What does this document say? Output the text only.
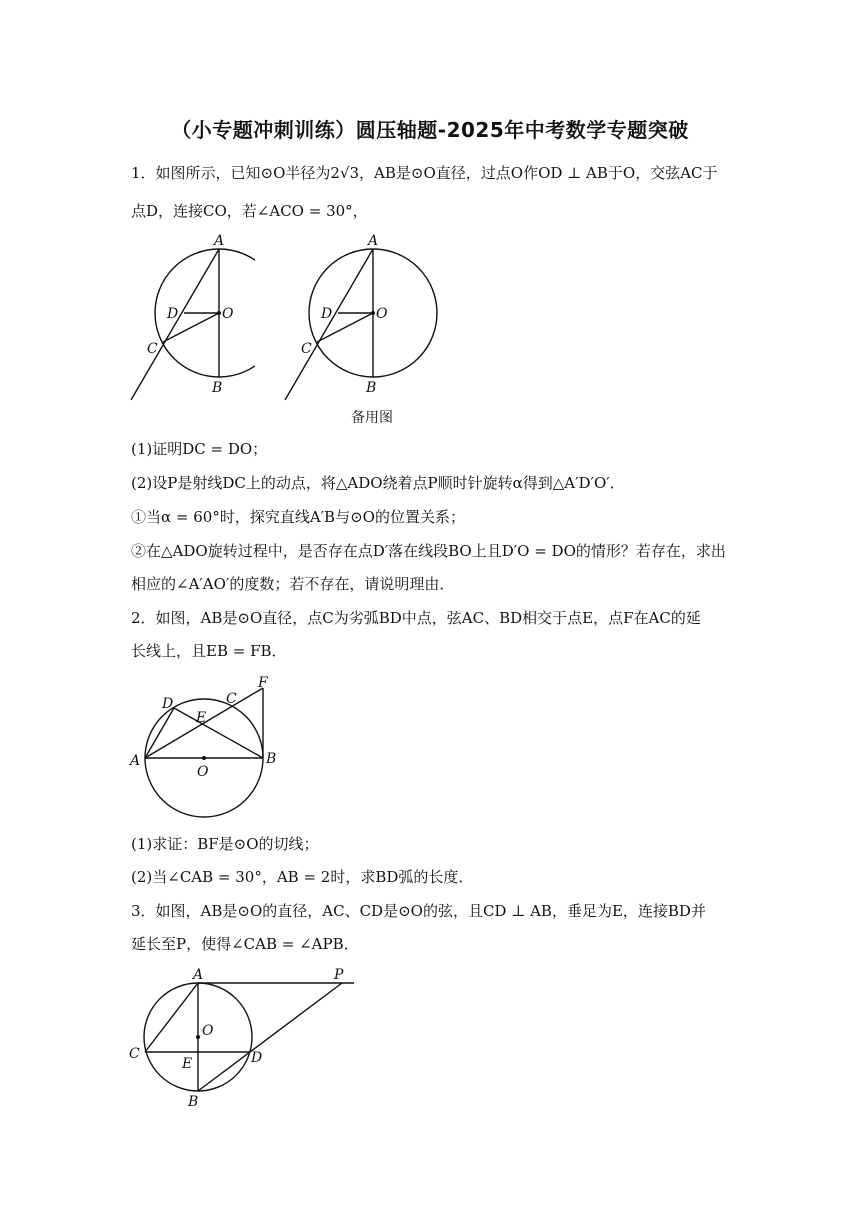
（小专题冲刺训练）圆压轴题-2025年中考数学专题突破
1．如图所示，已知⊙O半径为2√3，AB是⊙O直径，过点O作OD ⊥ AB于O，交弦AC于
点D，连接CO，若∠ACO = 30°，
A
B
C
D	O
A
B
C
D	O
备用图
(1)证明DC = DO；
(2)设P是射线DC上的动点，将△ADO绕着点P顺时针旋转α得到△A′D′O′．
①当α = 60°时，探究直线A′B与⊙O的位置关系；
②在△ADO旋转过程中，是否存在点D′落在线段BO上且D′O = DO的情形？若存在，求出
相应的∠A′AO′的度数；若不存在，请说明理由．
2．如图，AB是⊙O直径，点C为劣弧BD中点，弦AC、BD相交于点E，点F在AC的延
长线上，且EB = FB．
A	B
C
D
E
F
O
(1)求证：BF是⊙O的切线；
(2)当∠CAB = 30°，AB = 2时，求BD弧的长度．
3．如图，AB是⊙O的直径，AC、CD是⊙O的弦，且CD ⊥ AB，垂足为E，连接BD并
延长至P，使得∠CAB = ∠APB．
A
B
C	D
E
O
P
